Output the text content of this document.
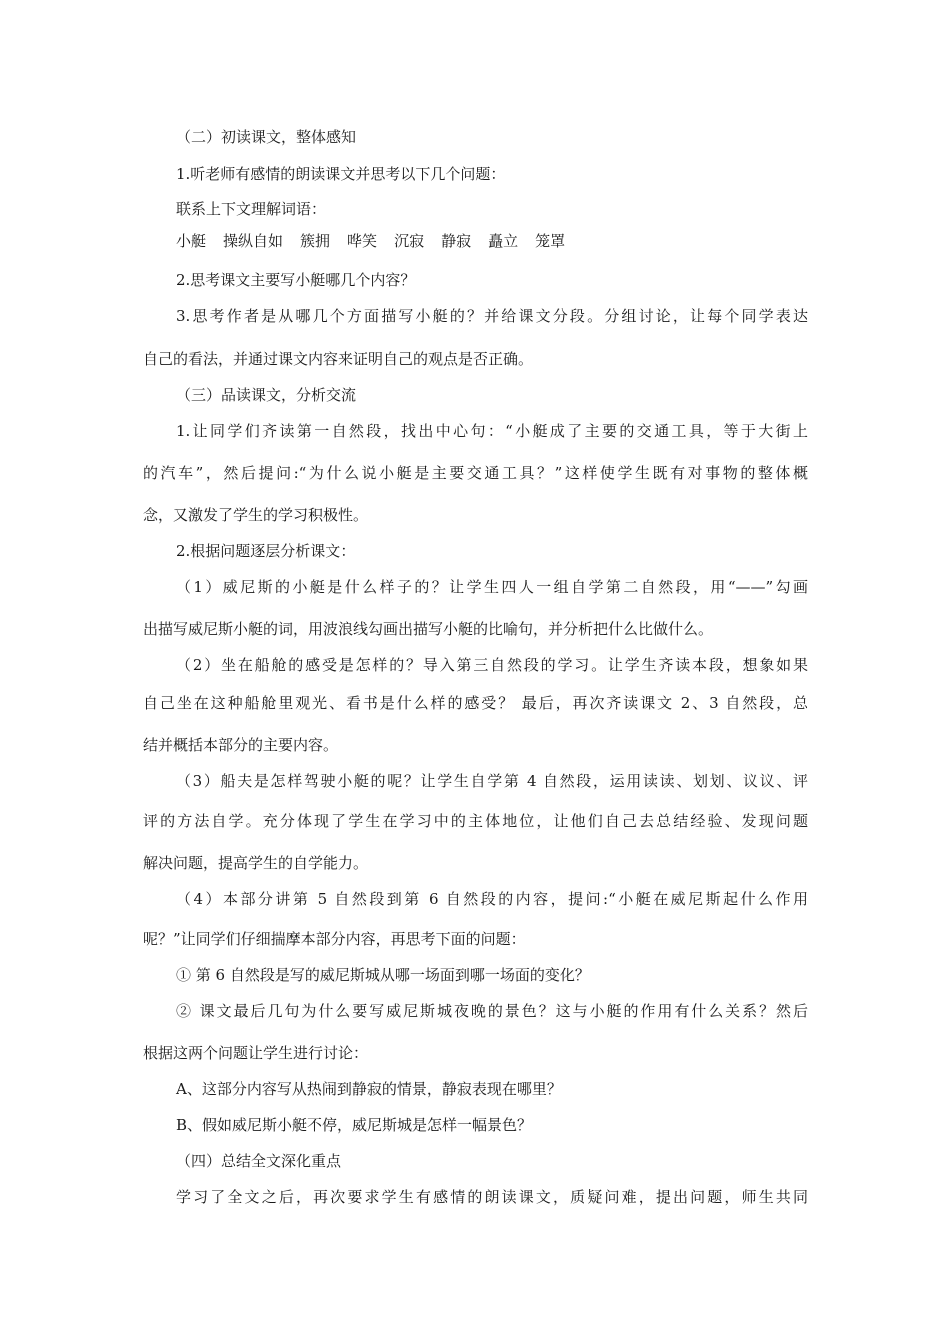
（二）初读课文，整体感知

1.听老师有感情的朗读课文并思考以下几个问题：

联系上下文理解词语：

小艇 操纵自如 簇拥 哗笑 沉寂 静寂 矗立 笼罩

2.思考课文主要写小艇哪几个内容？

3.思考作者是从哪几个方面描写小艇的？并给课文分段。分组讨论，让每个同学表达

自己的看法，并通过课文内容来证明自己的观点是否正确。

（三）品读课文，分析交流

1.让同学们齐读第一自然段，找出中心句：“小艇成了主要的交通工具，等于大街上

的汽车”，然后提问:“为什么说小艇是主要交通工具？”这样使学生既有对事物的整体概

念，又激发了学生的学习积极性。

2.根据问题逐层分析课文：

（1）威尼斯的小艇是什么样子的？让学生四人一组自学第二自然段，用“——”勾画

出描写威尼斯小艇的词，用波浪线勾画出描写小艇的比喻句，并分析把什么比做什么。

（2）坐在船舱的感受是怎样的？导入第三自然段的学习。让学生齐读本段，想象如果

自己坐在这种船舱里观光、看书是什么样的感受？ 最后，再次齐读课文 2、3 自然段，总

结并概括本部分的主要内容。

（3）船夫是怎样驾驶小艇的呢？让学生自学第 4 自然段，运用读读、划划、议议、评

评的方法自学。充分体现了学生在学习中的主体地位，让他们自己去总结经验、发现问题

解决问题，提高学生的自学能力。

（4）本部分讲第 5 自然段到第 6 自然段的内容，提问:“小艇在威尼斯起什么作用

呢？”让同学们仔细揣摩本部分内容，再思考下面的问题：

① 第 6 自然段是写的威尼斯城从哪一场面到哪一场面的变化？

② 课文最后几句为什么要写威尼斯城夜晚的景色？这与小艇的作用有什么关系？然后

根据这两个问题让学生进行讨论：

A、这部分内容写从热闹到静寂的情景，静寂表现在哪里？

B、假如威尼斯小艇不停，威尼斯城是怎样一幅景色？

（四）总结全文深化重点

学习了全文之后，再次要求学生有感情的朗读课文，质疑问难，提出问题，师生共同
